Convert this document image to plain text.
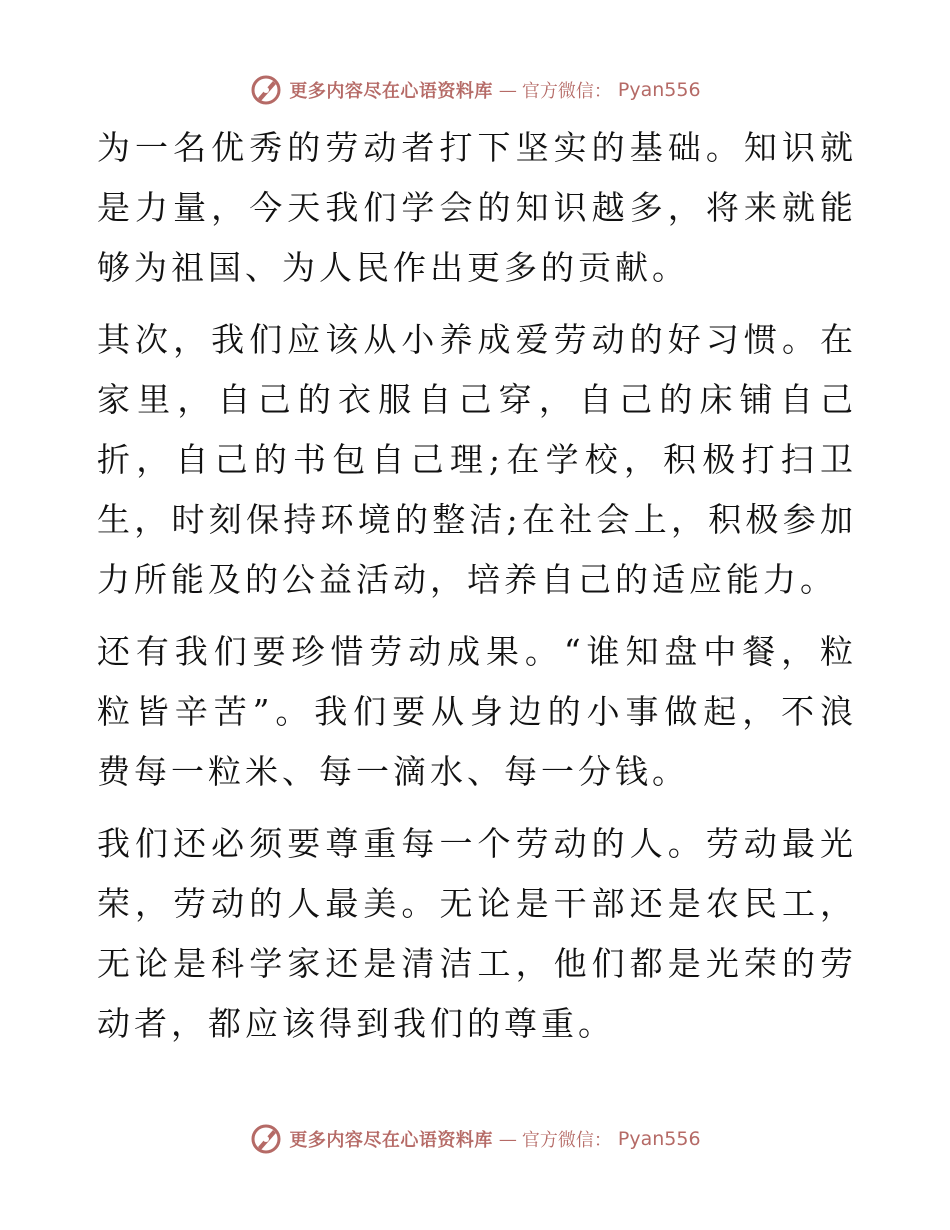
更多内容尽在心语资料库 — 官方微信： Pyan556

为一名优秀的劳动者打下坚实的基础。知识就是力量，今天我们学会的知识越多，将来就能够为祖国、为人民作出更多的贡献。

其次，我们应该从小养成爱劳动的好习惯。在家里，自己的衣服自己穿，自己的床铺自己折，自己的书包自己理;在学校，积极打扫卫生，时刻保持环境的整洁;在社会上，积极参加力所能及的公益活动，培养自己的适应能力。

还有我们要珍惜劳动成果。“谁知盘中餐，粒粒皆辛苦”。我们要从身边的小事做起，不浪费每一粒米、每一滴水、每一分钱。

我们还必须要尊重每一个劳动的人。劳动最光荣，劳动的人最美。无论是干部还是农民工，无论是科学家还是清洁工，他们都是光荣的劳动者，都应该得到我们的尊重。

更多内容尽在心语资料库 — 官方微信： Pyan556
